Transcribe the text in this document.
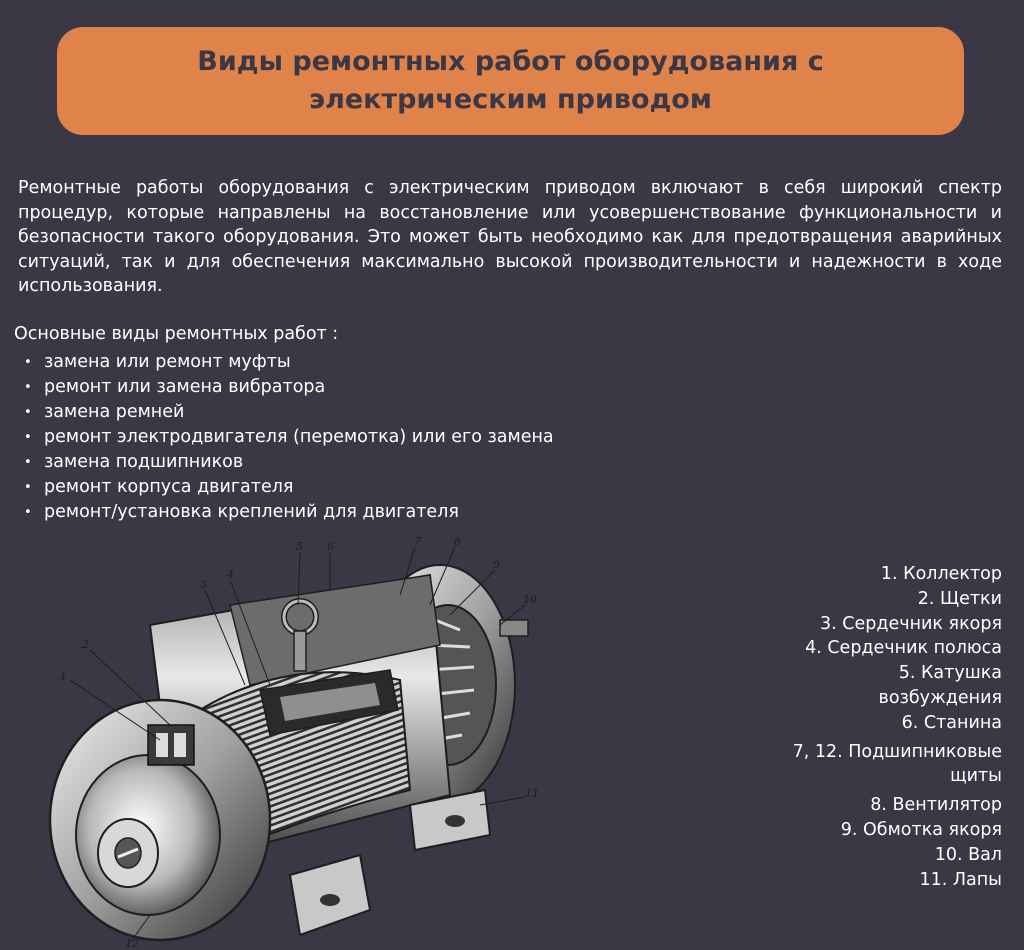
Виды ремонтных работ оборудования с электрическим приводом

Ремонтные работы оборудования с электрическим приводом включают в себя широкий спектр процедур, которые направлены на восстановление или усовершенствование функциональности и безопасности такого оборудования. Это может быть необходимо как для предотвращения аварийных ситуаций, так и для обеспечения максимально высокой производительности и надежности в ходе использования.

Основные виды ремонтных работ :
• замена или ремонт муфты
• ремонт или замена вибратора
• замена ремней
• ремонт электродвигателя (перемотка) или его замена
• замена подшипников
• ремонт корпуса двигателя
• ремонт/установка креплений для двигателя
1
2
3
4
5 6	7	8
9
10
11
12
1. Коллектор
2. Щетки
3. Сердечник якоря
4. Сердечник полюса
5. Катушка
возбуждения
6. Станина
7, 12. Подшипниковые
щиты
8. Вентилятор
9. Обмотка якоря
10. Вал
11. Лапы
